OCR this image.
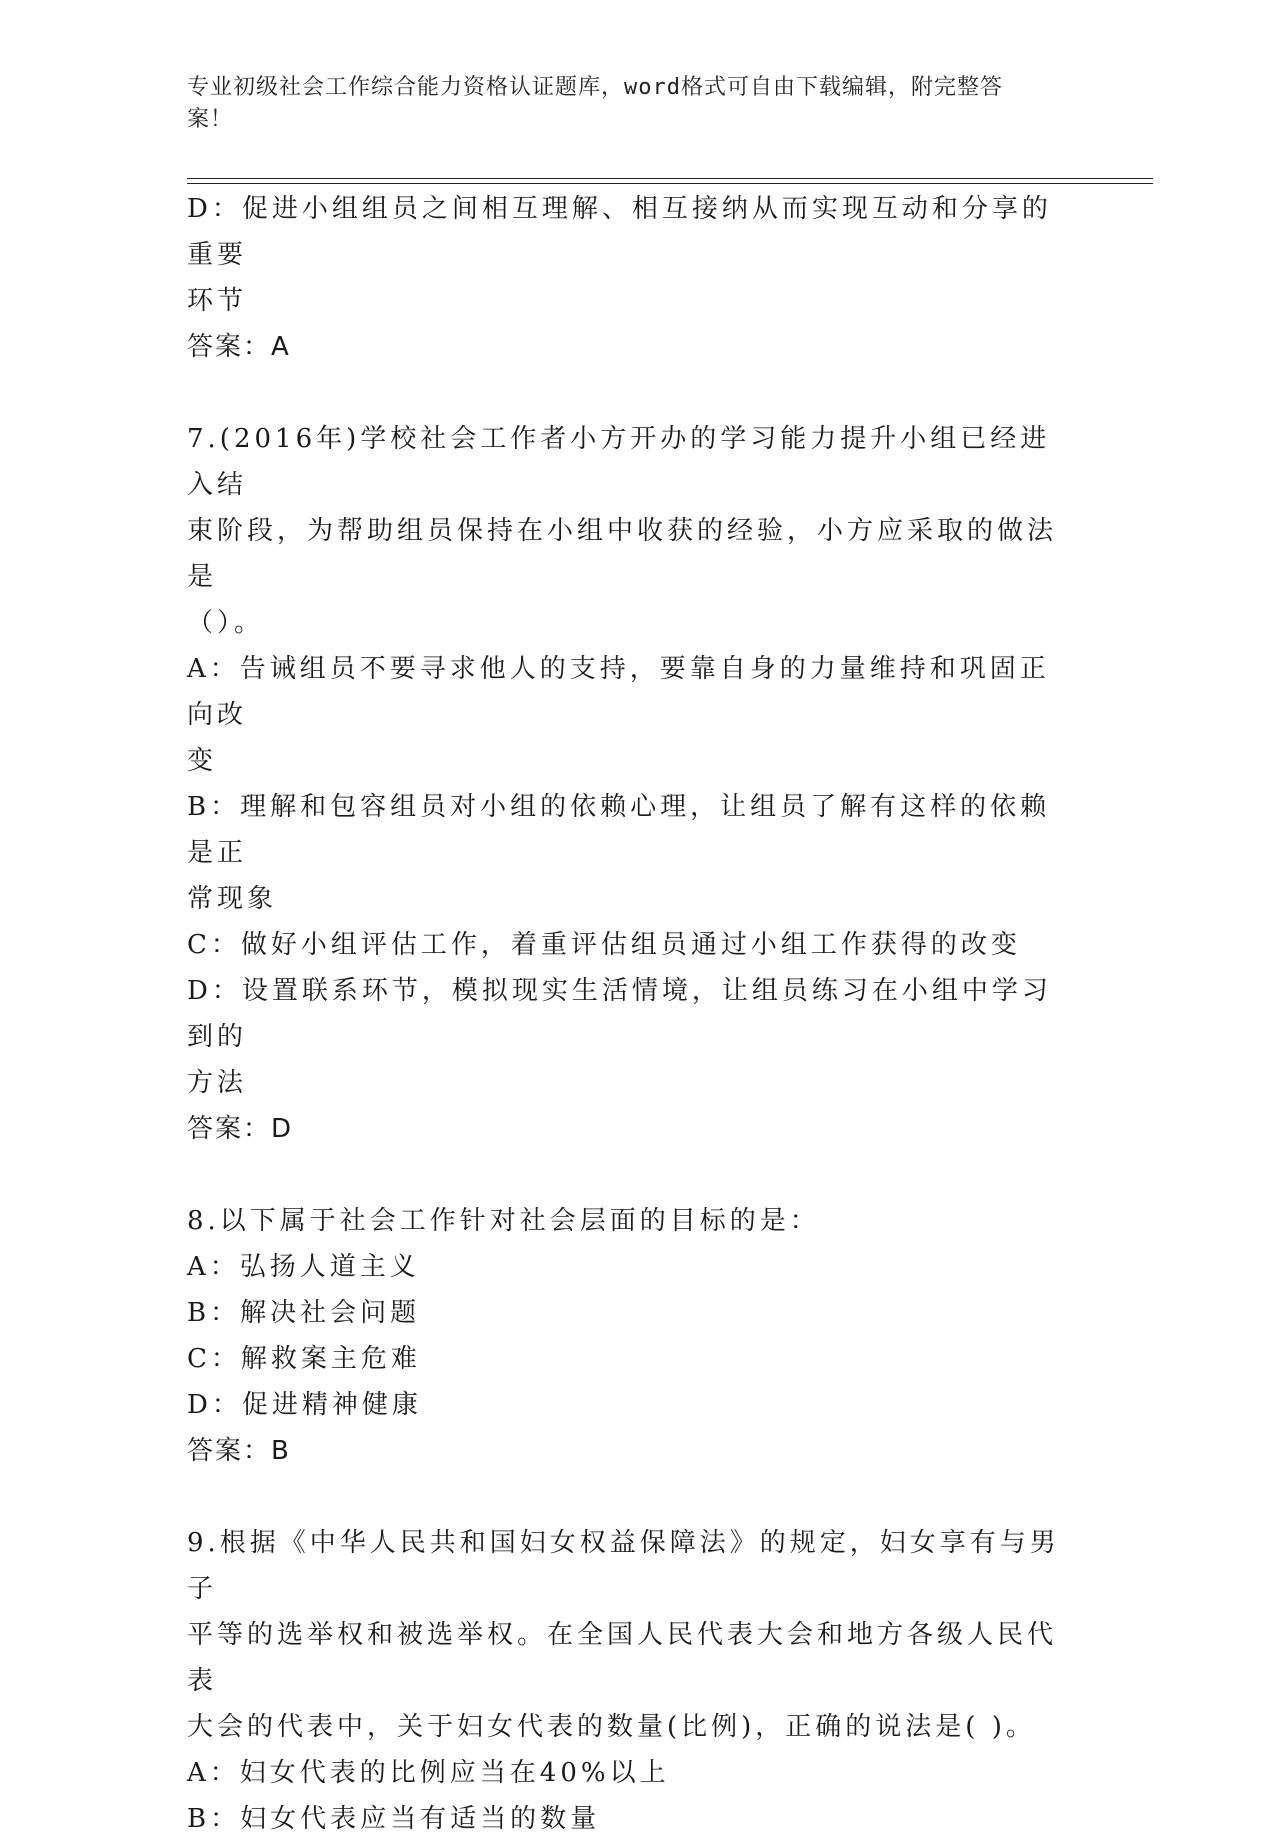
专业初级社会工作综合能力资格认证题库，word格式可自由下载编辑，附完整答
案！

D：促进小组组员之间相互理解、相互接纳从而实现互动和分享的重要

环节

答案：A

7.(2016年)学校社会工作者小方开办的学习能力提升小组已经进入结

束阶段，为帮助组员保持在小组中收获的经验，小方应采取的做法是

（）。

A：告诫组员不要寻求他人的支持，要靠自身的力量维持和巩固正向改

变

B：理解和包容组员对小组的依赖心理，让组员了解有这样的依赖是正

常现象

C：做好小组评估工作，着重评估组员通过小组工作获得的改变

D：设置联系环节，模拟现实生活情境，让组员练习在小组中学习到的

方法

答案：D

8.以下属于社会工作针对社会层面的目标的是：

A：弘扬人道主义

B：解决社会问题

C：解救案主危难

D：促进精神健康

答案：B

9.根据《中华人民共和国妇女权益保障法》的规定，妇女享有与男子

平等的选举权和被选举权。在全国人民代表大会和地方各级人民代表

大会的代表中，关于妇女代表的数量(比例)，正确的说法是( )。

A：妇女代表的比例应当在40%以上

B：妇女代表应当有适当的数量
